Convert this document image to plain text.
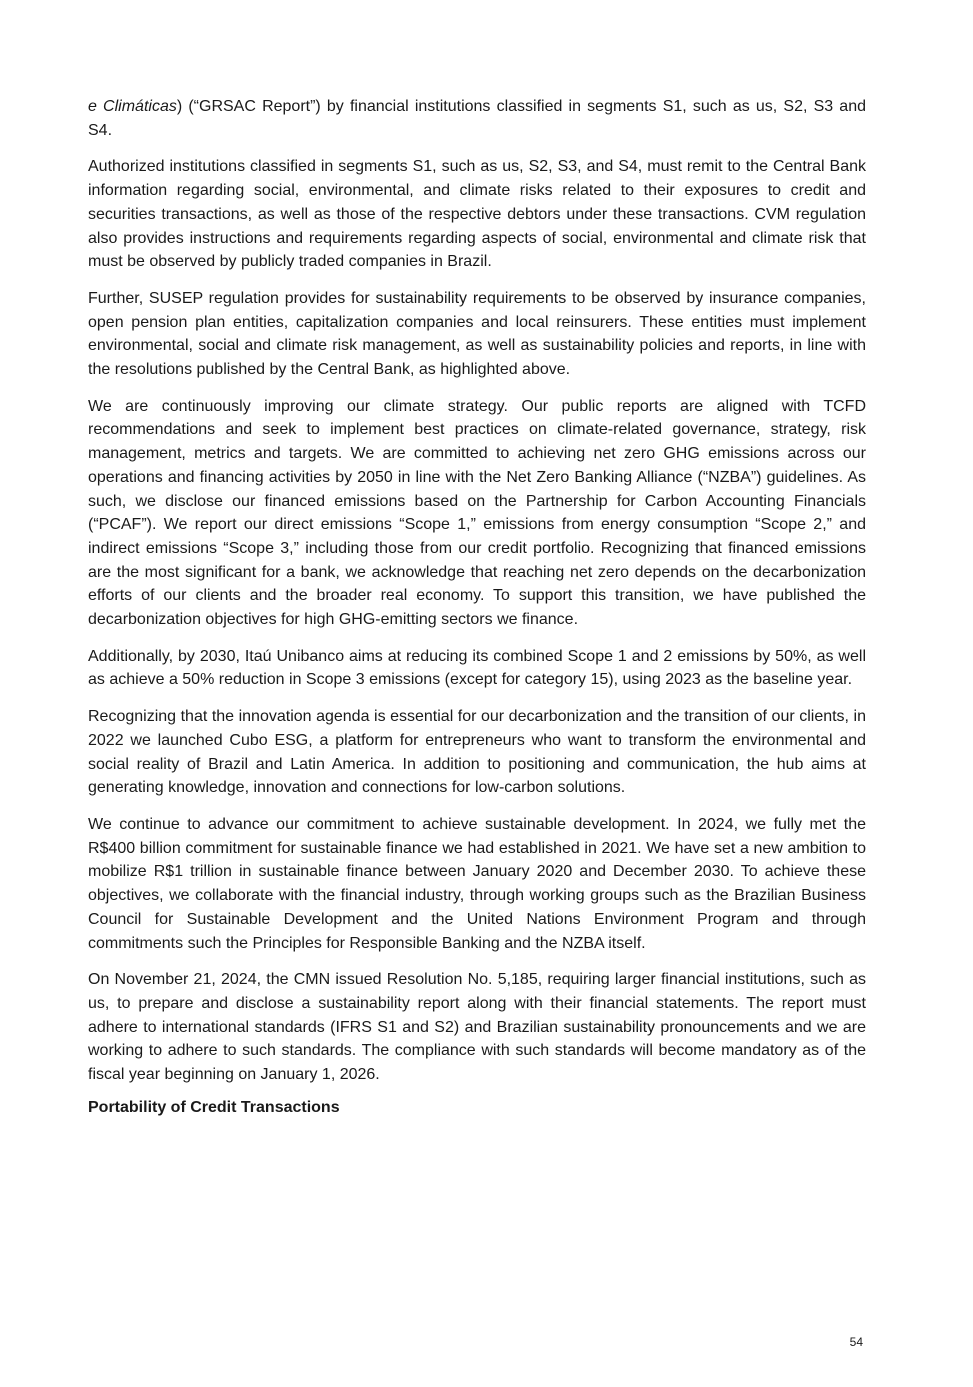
e Climáticas) (“GRSAC Report”) by financial institutions classified in segments S1, such as us, S2, S3 and S4.

Authorized institutions classified in segments S1, such as us, S2, S3, and S4, must remit to the Central Bank information regarding social, environmental, and climate risks related to their exposures to credit and securities transactions, as well as those of the respective debtors under these transactions. CVM regulation also provides instructions and requirements regarding aspects of social, environmental and climate risk that must be observed by publicly traded companies in Brazil.

Further, SUSEP regulation provides for sustainability requirements to be observed by insurance companies, open pension plan entities, capitalization companies and local reinsurers. These entities must implement environmental, social and climate risk management, as well as sustainability policies and reports, in line with the resolutions published by the Central Bank, as highlighted above.

We are continuously improving our climate strategy. Our public reports are aligned with TCFD recommendations and seek to implement best practices on climate-related governance, strategy, risk management, metrics and targets. We are committed to achieving net zero GHG emissions across our operations and financing activities by 2050 in line with the Net Zero Banking Alliance (“NZBA”) guidelines. As such, we disclose our financed emissions based on the Partnership for Carbon Accounting Financials (“PCAF”). We report our direct emissions “Scope 1,” emissions from energy consumption “Scope 2,” and indirect emissions “Scope 3,” including those from our credit portfolio. Recognizing that financed emissions are the most significant for a bank, we acknowledge that reaching net zero depends on the decarbonization efforts of our clients and the broader real economy. To support this transition, we have published the decarbonization objectives for high GHG-emitting sectors we finance.

Additionally, by 2030, Itaú Unibanco aims at reducing its combined Scope 1 and 2 emissions by 50%, as well as achieve a 50% reduction in Scope 3 emissions (except for category 15), using 2023 as the baseline year.

Recognizing that the innovation agenda is essential for our decarbonization and the transition of our clients, in 2022 we launched Cubo ESG, a platform for entrepreneurs who want to transform the environmental and social reality of Brazil and Latin America. In addition to positioning and communication, the hub aims at generating knowledge, innovation and connections for low-carbon solutions.

We continue to advance our commitment to achieve sustainable development. In 2024, we fully met the R$400 billion commitment for sustainable finance we had established in 2021. We have set a new ambition to mobilize R$1 trillion in sustainable finance between January 2020 and December 2030. To achieve these objectives, we collaborate with the financial industry, through working groups such as the Brazilian Business Council for Sustainable Development and the United Nations Environment Program and through commitments such the Principles for Responsible Banking and the NZBA itself.

On November 21, 2024, the CMN issued Resolution No. 5,185, requiring larger financial institutions, such as us, to prepare and disclose a sustainability report along with their financial statements. The report must adhere to international standards (IFRS S1 and S2) and Brazilian sustainability pronouncements and we are working to adhere to such standards. The compliance with such standards will become mandatory as of the fiscal year beginning on January 1, 2026.

Portability of Credit Transactions

54
